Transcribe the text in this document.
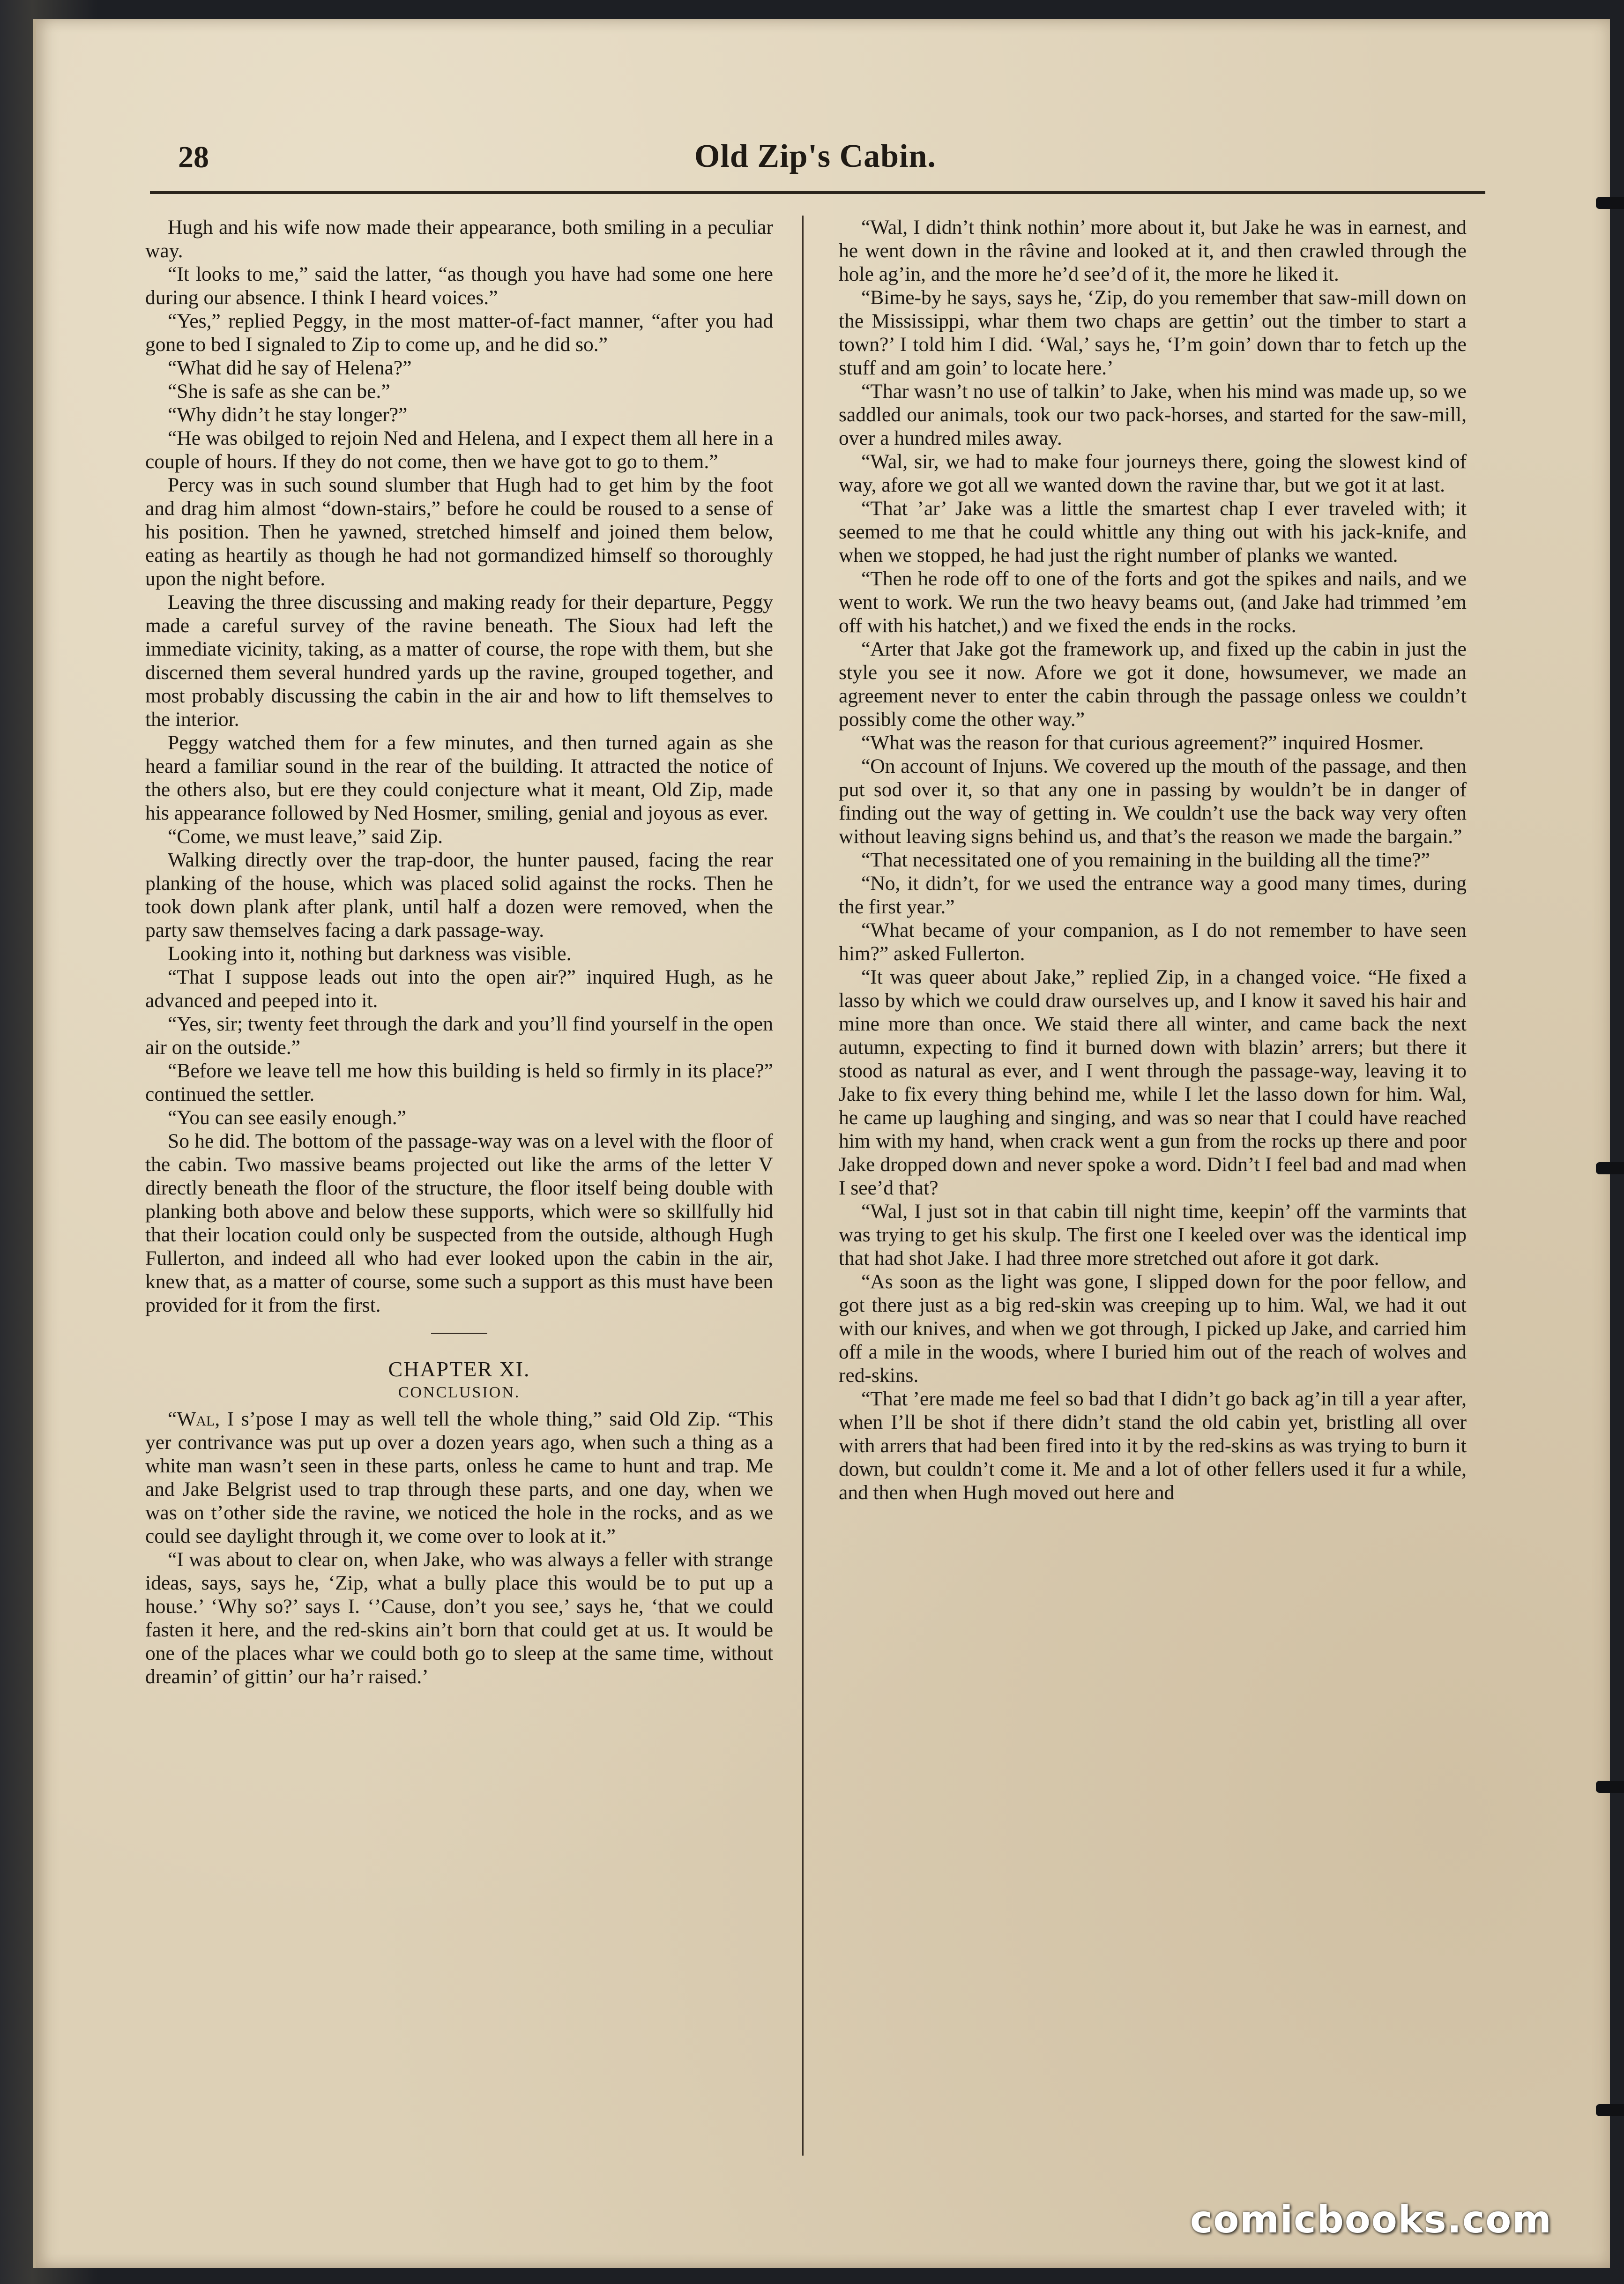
28	Old Zip's Cabin.

Hugh and his wife now made their appearance, both smiling in a peculiar way.

“It looks to me,” said the latter, “as though you have had some one here during our absence. I think I heard voices.”

“Yes,” replied Peggy, in the most matter-of-fact manner, “after you had gone to bed I signaled to Zip to come up, and he did so.”

“What did he say of Helena?”

“She is safe as she can be.”

“Why didn’t he stay longer?”

“He was obilged to rejoin Ned and Helena, and I expect them all here in a couple of hours. If they do not come, then we have got to go to them.”

Percy was in such sound slumber that Hugh had to get him by the foot and drag him almost “down-stairs,” before he could be roused to a sense of his position. Then he yawned, stretched himself and joined them below, eating as heartily as though he had not gormandized himself so thoroughly upon the night before.

Leaving the three discussing and making ready for their departure, Peggy made a careful survey of the ravine beneath. The Sioux had left the immediate vicinity, taking, as a matter of course, the rope with them, but she discerned them several hundred yards up the ravine, grouped together, and most probably discussing the cabin in the air and how to lift themselves to the interior.

Peggy watched them for a few minutes, and then turned again as she heard a familiar sound in the rear of the building. It attracted the notice of the others also, but ere they could conjecture what it meant, Old Zip, made his appearance followed by Ned Hosmer, smiling, genial and joyous as ever.

“Come, we must leave,” said Zip.

Walking directly over the trap-door, the hunter paused, facing the rear planking of the house, which was placed solid against the rocks. Then he took down plank after plank, until half a dozen were removed, when the party saw themselves facing a dark passage-way.

Looking into it, nothing but darkness was visible.

“That I suppose leads out into the open air?” inquired Hugh, as he advanced and peeped into it.

“Yes, sir; twenty feet through the dark and you’ll find yourself in the open air on the outside.”

“Before we leave tell me how this building is held so firmly in its place?” continued the settler.

“You can see easily enough.”

So he did. The bottom of the passage-way was on a level with the floor of the cabin. Two massive beams projected out like the arms of the letter V directly beneath the floor of the structure, the floor itself being double with planking both above and below these supports, which were so skillfully hid that their location could only be suspected from the outside, although Hugh Fullerton, and indeed all who had ever looked upon the cabin in the air, knew that, as a matter of course, some such a support as this must have been provided for it from the first.

CHAPTER XI.
CONCLUSION.

“Wal, I s’pose I may as well tell the whole thing,” said Old Zip. “This yer contrivance was put up over a dozen years ago, when such a thing as a white man wasn’t seen in these parts, onless he came to hunt and trap. Me and Jake Belgrist used to trap through these parts, and one day, when we was on t’other side the ravine, we noticed the hole in the rocks, and as we could see daylight through it, we come over to look at it.”

“I was about to clear on, when Jake, who was always a feller with strange ideas, says, says he, ‘Zip, what a bully place this would be to put up a house.’ ‘Why so?’ says I. ‘’Cause, don’t you see,’ says he, ‘that we could fasten it here, and the red-skins ain’t born that could get at us. It would be one of the places whar we could both go to sleep at the same time, without dreamin’ of gittin’ our ha’r raised.’

“Wal, I didn’t think nothin’ more about it, but Jake he was in earnest, and he went down in the râvine and looked at it, and then crawled through the hole ag’in, and the more he’d see’d of it, the more he liked it.

“Bime-by he says, says he, ‘Zip, do you remember that saw-mill down on the Mississippi, whar them two chaps are gettin’ out the timber to start a town?’ I told him I did. ‘Wal,’ says he, ‘I’m goin’ down thar to fetch up the stuff and am goin’ to locate here.’

“Thar wasn’t no use of talkin’ to Jake, when his mind was made up, so we saddled our animals, took our two pack-horses, and started for the saw-mill, over a hundred miles away.

“Wal, sir, we had to make four journeys there, going the slowest kind of way, afore we got all we wanted down the ravine thar, but we got it at last.

“That ’ar’ Jake was a little the smartest chap I ever traveled with; it seemed to me that he could whittle any thing out with his jack-knife, and when we stopped, he had just the right number of planks we wanted.

“Then he rode off to one of the forts and got the spikes and nails, and we went to work. We run the two heavy beams out, (and Jake had trimmed ’em off with his hatchet,) and we fixed the ends in the rocks.

“Arter that Jake got the framework up, and fixed up the cabin in just the style you see it now. Afore we got it done, howsumever, we made an agreement never to enter the cabin through the passage onless we couldn’t possibly come the other way.”

“What was the reason for that curious agreement?” inquired Hosmer.

“On account of Injuns. We covered up the mouth of the passage, and then put sod over it, so that any one in passing by wouldn’t be in danger of finding out the way of getting in. We couldn’t use the back way very often without leaving signs behind us, and that’s the reason we made the bargain.”

“That necessitated one of you remaining in the building all the time?”

“No, it didn’t, for we used the entrance way a good many times, during the first year.”

“What became of your companion, as I do not remember to have seen him?” asked Fullerton.

“It was queer about Jake,” replied Zip, in a changed voice. “He fixed a lasso by which we could draw ourselves up, and I know it saved his hair and mine more than once. We staid there all winter, and came back the next autumn, expecting to find it burned down with blazin’ arrers; but there it stood as natural as ever, and I went through the passage-way, leaving it to Jake to fix every thing behind me, while I let the lasso down for him. Wal, he came up laughing and singing, and was so near that I could have reached him with my hand, when crack went a gun from the rocks up there and poor Jake dropped down and never spoke a word. Didn’t I feel bad and mad when I see’d that?

“Wal, I just sot in that cabin till night time, keepin’ off the varmints that was trying to get his skulp. The first one I keeled over was the identical imp that had shot Jake. I had three more stretched out afore it got dark.

“As soon as the light was gone, I slipped down for the poor fellow, and got there just as a big red-skin was creeping up to him. Wal, we had it out with our knives, and when we got through, I picked up Jake, and carried him off a mile in the woods, where I buried him out of the reach of wolves and red-skins.

“That ’ere made me feel so bad that I didn’t go back ag’in till a year after, when I’ll be shot if there didn’t stand the old cabin yet, bristling all over with arrers that had been fired into it by the red-skins as was trying to burn it down, but couldn’t come it. Me and a lot of other fellers used it fur a while, and then when Hugh moved out here and

comicbooks.com
